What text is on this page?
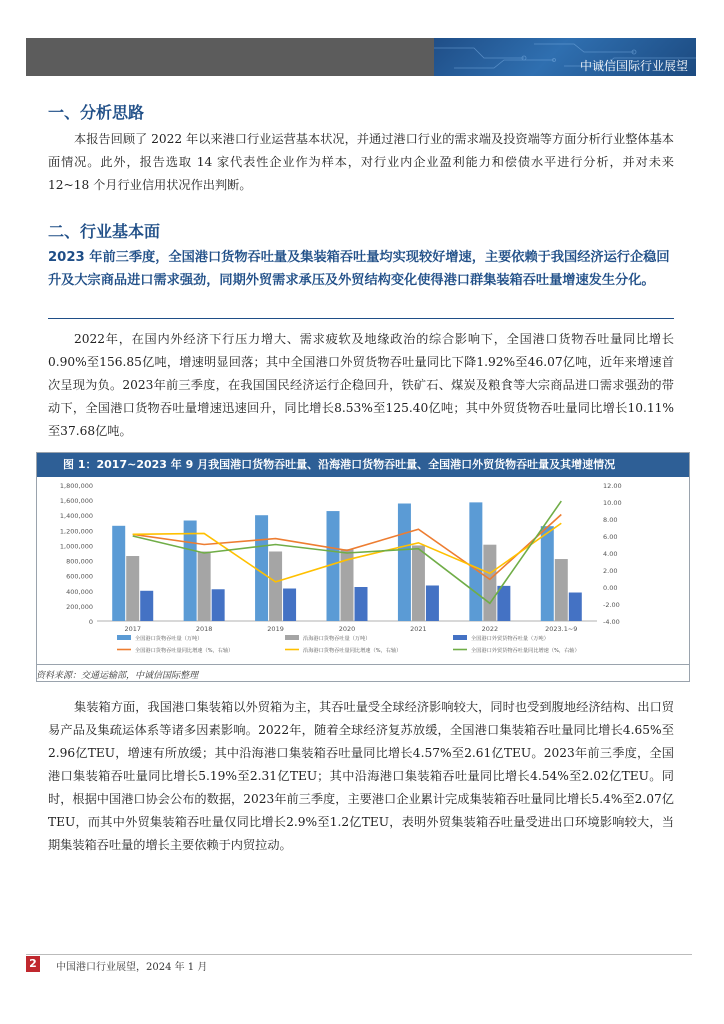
中诚信国际行业展望
一、分析思路
本报告回顾了 2022 年以来港口行业运营基本状况，并通过港口行业的需求端及投资端等方面分析行业整体基本面情况。此外，报告选取 14 家代表性企业作为样本，对行业内企业盈利能力和偿债水平进行分析，并对未来 12~18 个月行业信用状况作出判断。
二、行业基本面
2023 年前三季度，全国港口货物吞吐量及集装箱吞吐量均实现较好增速，主要依赖于我国经济运行企稳回升及大宗商品进口需求强劲，同期外贸需求承压及外贸结构变化使得港口群集装箱吞吐量增速发生分化。
2022年，在国内外经济下行压力增大、需求疲软及地缘政治的综合影响下，全国港口货物吞吐量同比增长0.90%至156.85亿吨，增速明显回落；其中全国港口外贸货物吞吐量同比下降1.92%至46.07亿吨，近年来增速首次呈现为负。2023年前三季度，在我国国民经济运行企稳回升，铁矿石、煤炭及粮食等大宗商品进口需求强劲的带动下，全国港口货物吞吐量增速迅速回升，同比增长8.53%至125.40亿吨；其中外贸货物吞吐量同比增长10.11%至37.68亿吨。
图 1：2017~2023 年 9 月我国港口货物吞吐量、沿海港口货物吞吐量、全国港口外贸货物吞吐量及其增速情况
0
200,000
400,000
600,000
800,000
1,000,000
1,200,000
1,400,000
1,600,000
1,800,000
-4.00
-2.00
0.00
2.00
4.00
6.00
8.00
10.00
12.00
2017	2018	2019	2020	2021	2022	2023.1~9
全国港口货物吞吐量（万吨）	沿海港口货物吞吐量（万吨）	全国港口外贸货物吞吐量（万吨）
全国港口货物吞吐量同比增速（%，右轴）	沿海港口货物吞吐量同比增速（%，右轴）	全国港口外贸货物吞吐量同比增速（%，右轴）
资料来源：交通运输部，中诚信国际整理
集装箱方面，我国港口集装箱以外贸箱为主，其吞吐量受全球经济影响较大，同时也受到腹地经济结构、出口贸易产品及集疏运体系等诸多因素影响。2022年，随着全球经济复苏放缓，全国港口集装箱吞吐量同比增长4.65%至2.96亿TEU，增速有所放缓；其中沿海港口集装箱吞吐量同比增长4.57%至2.61亿TEU。2023年前三季度，全国港口集装箱吞吐量同比增长5.19%至2.31亿TEU；其中沿海港口集装箱吞吐量同比增长4.54%至2.02亿TEU。同时，根据中国港口协会公布的数据，2023年前三季度，主要港口企业累计完成集装箱吞吐量同比增长5.4%至2.07亿TEU，而其中外贸集装箱吞吐量仅同比增长2.9%至1.2亿TEU，表明外贸集装箱吞吐量受进出口环境影响较大，当期集装箱吞吐量的增长主要依赖于内贸拉动。
2	中国港口行业展望，2024 年 1 月
